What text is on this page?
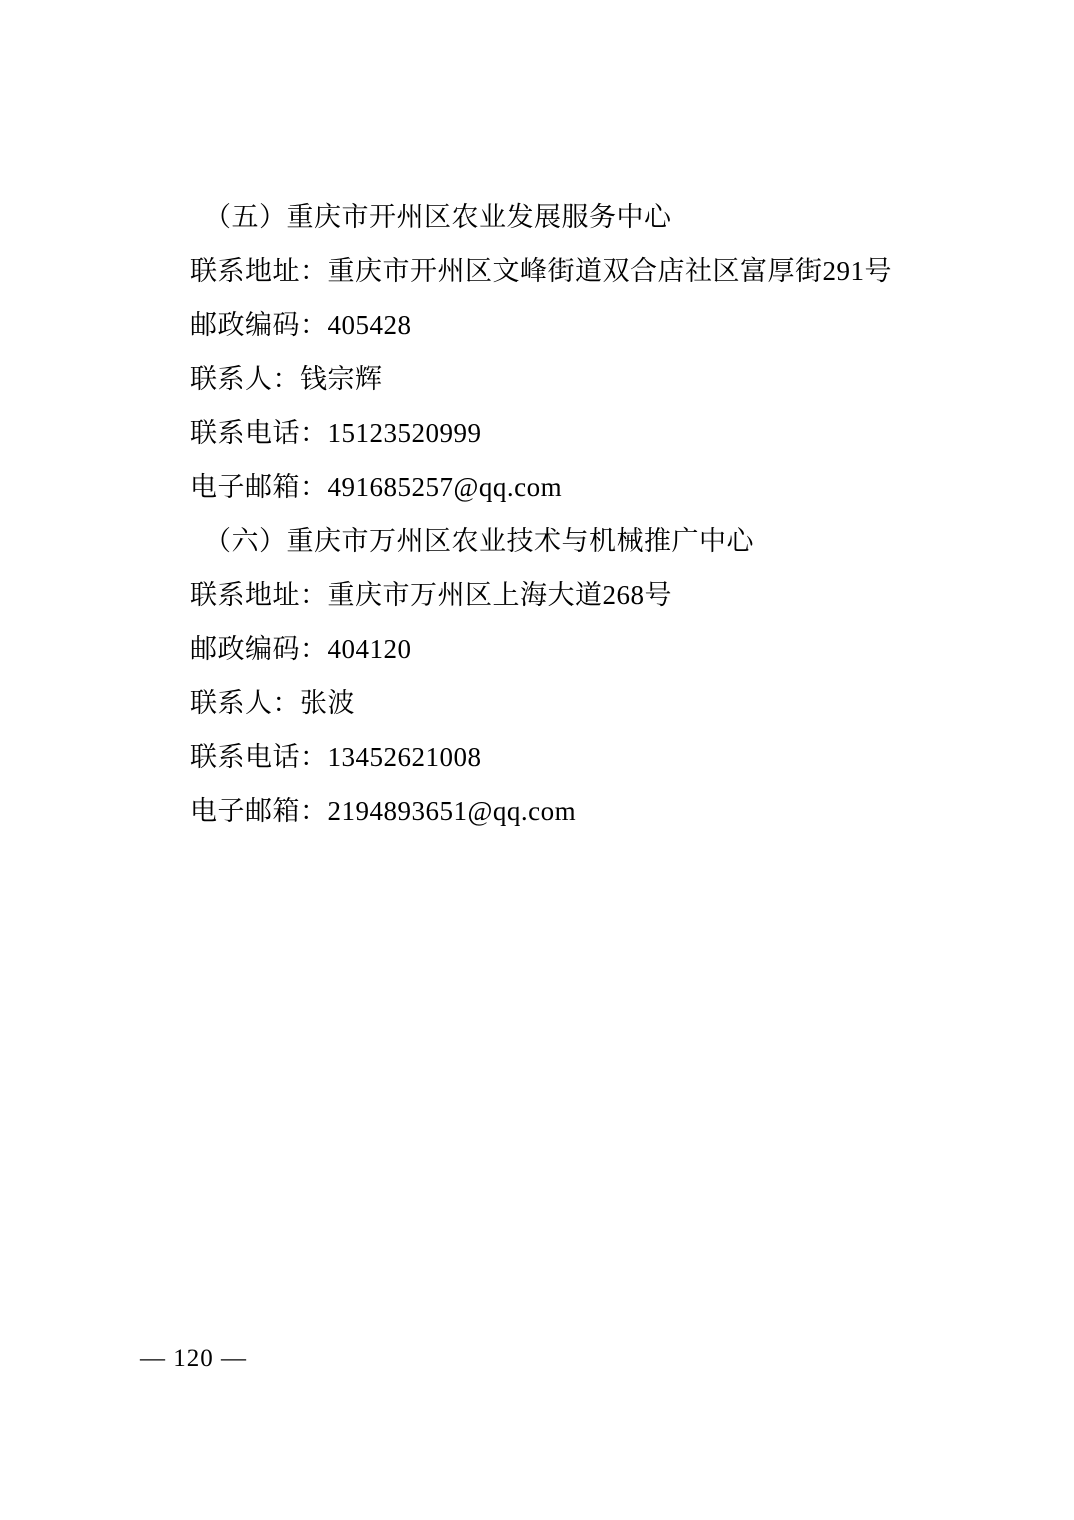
（五）重庆市开州区农业发展服务中心
联系地址：重庆市开州区文峰街道双合店社区富厚街291号
邮政编码：405428
联系人：钱宗辉
联系电话：15123520999
电子邮箱：491685257@qq.com
（六）重庆市万州区农业技术与机械推广中心
联系地址：重庆市万州区上海大道268号
邮政编码：404120
联系人：张波
联系电话：13452621008
电子邮箱：2194893651@qq.com
— 120 —
